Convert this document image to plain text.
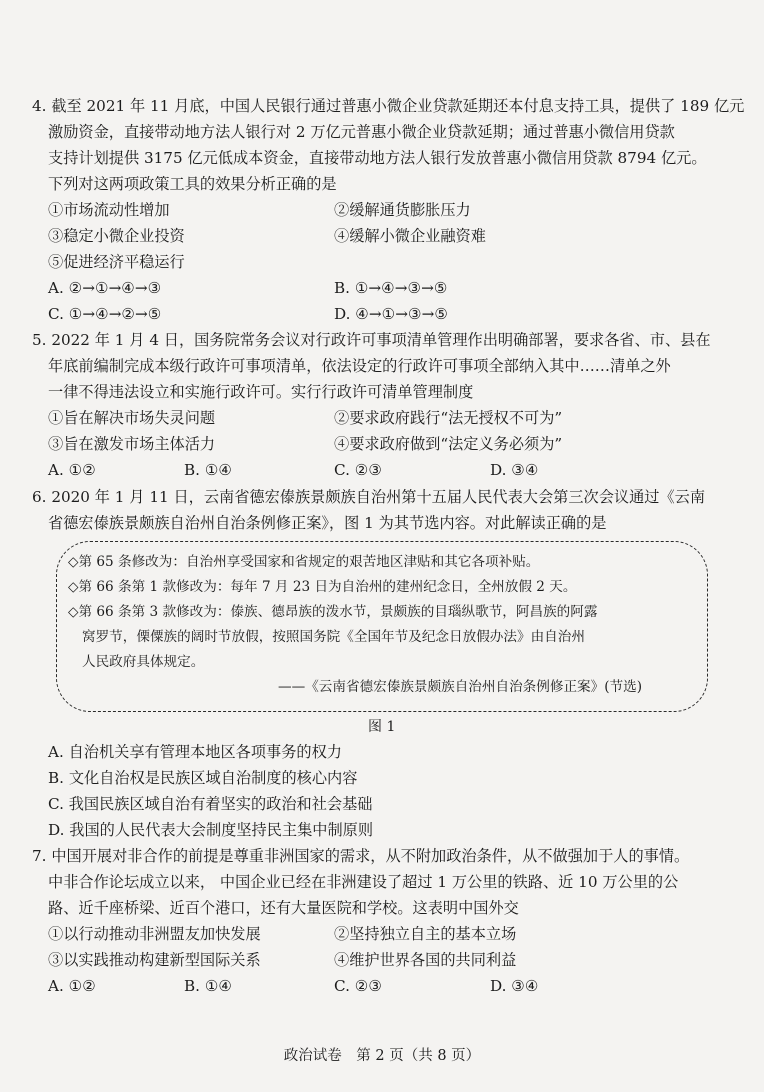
4. 截至 2021 年 11 月底，中国人民银行通过普惠小微企业贷款延期还本付息支持工具，提供了 189 亿元
激励资金，直接带动地方法人银行对 2 万亿元普惠小微企业贷款延期；通过普惠小微信用贷款
支持计划提供 3175 亿元低成本资金，直接带动地方法人银行发放普惠小微信用贷款 8794 亿元。
下列对这两项政策工具的效果分析正确的是
①市场流动性增加	②缓解通货膨胀压力
③稳定小微企业投资	④缓解小微企业融资难
⑤促进经济平稳运行
A. ②→①→④→③	B. ①→④→③→⑤
C. ①→④→②→⑤	D. ④→①→③→⑤
5. 2022 年 1 月 4 日，国务院常务会议对行政许可事项清单管理作出明确部署，要求各省、市、县在
年底前编制完成本级行政许可事项清单，依法设定的行政许可事项全部纳入其中……清单之外
一律不得违法设立和实施行政许可。实行行政许可清单管理制度
①旨在解决市场失灵问题	②要求政府践行“法无授权不可为”
③旨在激发市场主体活力	④要求政府做到“法定义务必须为”
A. ①②	B. ①④	C. ②③	D. ③④
6. 2020 年 1 月 11 日，云南省德宏傣族景颇族自治州第十五届人民代表大会第三次会议通过《云南
省德宏傣族景颇族自治州自治条例修正案》，图 1 为其节选内容。对此解读正确的是
◇第 65 条修改为：自治州享受国家和省规定的艰苦地区津贴和其它各项补贴。
◇第 66 条第 1 款修改为：每年 7 月 23 日为自治州的建州纪念日，全州放假 2 天。
◇第 66 条第 3 款修改为：傣族、德昂族的泼水节，景颇族的目瑙纵歌节，阿昌族的阿露
窝罗节，傈僳族的阔时节放假，按照国务院《全国年节及纪念日放假办法》由自治州
人民政府具体规定。
——《云南省德宏傣族景颇族自治州自治条例修正案》(节选)
图 1
A. 自治机关享有管理本地区各项事务的权力
B. 文化自治权是民族区域自治制度的核心内容
C. 我国民族区域自治有着坚实的政治和社会基础
D. 我国的人民代表大会制度坚持民主集中制原则
7. 中国开展对非合作的前提是尊重非洲国家的需求，从不附加政治条件，从不做强加于人的事情。
中非合作论坛成立以来， 中国企业已经在非洲建设了超过 1 万公里的铁路、近 10 万公里的公
路、近千座桥梁、近百个港口，还有大量医院和学校。这表明中国外交
①以行动推动非洲盟友加快发展	②坚持独立自主的基本立场
③以实践推动构建新型国际关系	④维护世界各国的共同利益
A. ①②	B. ①④	C. ②③	D. ③④
政治试卷　第 2 页（共 8 页）
